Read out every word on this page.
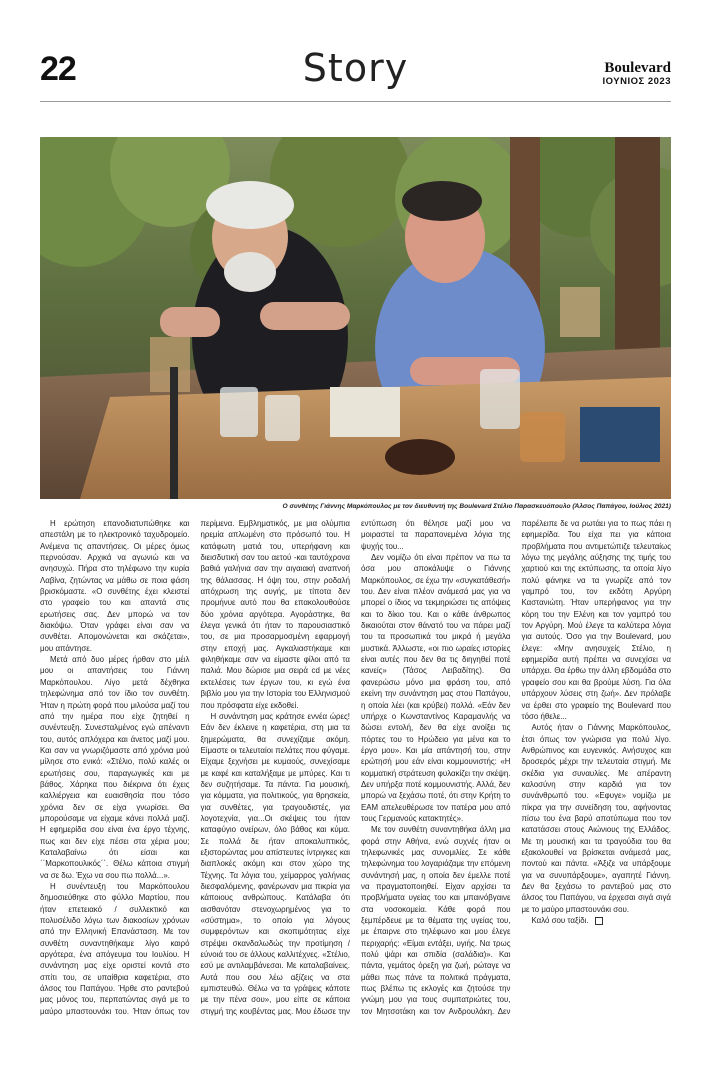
22	Story	Boulevard
ΙΟΥΝΙΟΣ 2023
Ο συνθέτης Γιάννης Μαρκόπουλος με τον διευθυντή της Boulevard Στέλιο Παρασκευόπουλο (Άλσος Παπάγου, Ιούλιος 2021)

Η ερώτηση επανοδιατυπώθηκε και απεστάλη με το ηλεκτρονικό ταχυδρομείο. Ανέμενα τις απαντήσεις. Οι μέρες όμως περνούσαν. Αρχικά να αγωνιώ και να ανησυχώ. Πήρα στο τηλέφωνο την κυρία Λαβίνα, ζητώντας να μάθω σε ποια φάση βρισκόμαστε. «Ο συνθέτης έχει κλειστεί στο γραφείο του και απαντά στις ερωτήσεις σας. Δεν μπορώ να τον διακόψω. Όταν γράφει είναι σαν να συνθέτει. Απομονώνεται και σκάζεται», μου απάντησε.

Μετά από δυο μέρες ήρθαν στο μέιλ μου οι απαντήσεις του Γιάννη Μαρκόπουλου. Λίγο μετά δέχθηκα τηλεφώνημα από τον ίδιο τον συνθέτη. Ήταν η πρώτη φορά που μιλούσα μαζί του από την ημέρα που είχε ζητηθεί η συνέντευξη. Συνεσταλμένος εγώ απέναντι του, αυτός απλόχερα και άνετος μαζί μου. Και σαν να γνωριζόμαστε από χρόνια μού μίλησε στο ενικό: «Στέλιο, πολύ καλές οι ερωτήσεις σου, παραγωγικές και με βάθος. Χάρηκα που διέκρινα ότι έχεις καλλιέργεια και ευαισθησία που τόσο χρόνια δεν σε είχα γνωρίσει. Θα μπορούσαμε να είχαμε κάνει πολλά μαζί. Η εφημερίδα σου είναι ένα έργο τέχνης, πως και δεν είχε πέσει στα χέρια μου; Καταλαβαίνω ότι είσαι και ΄΄Μαρκοπουλικός΄΄. Θέλω κάποια στιγμή να σε δω. Έχω να σου πω πολλά...».

Η συνέντευξη του Μαρκόπουλου δημοσιεύθηκε στο φύλλο Μαρτίου, που ήταν επετειακό / συλλεκτικό και πολυσέλιδο λόγω των διακοσίων χρόνων από την Ελληνική Επανάσταση. Με τον συνθέτη συναντηθήκαμε λίγο καιρό αργότερα, ένα απόγευμα του Ιουλίου. Η συνάντηση μας είχε οριστεί κοντά στο σπίτι του, σε υπαίθρια καφετέρια, στο άλσος του Παπάγου. Ήρθε στο ραντεβού μας μόνος του, περπατώντας σιγά με το μαύρο μπαστουνάκι του. Ήταν όπως τον περίμενα. Εμβληματικός, με μια ολύμπια ηρεμία απλωμένη στο πρόσωπό του. Η κατάφωτη ματιά του, υπερήφανη και διεισδυτική σαν του αετού -και ταυτόχρονα βαθιά γαλήνια σαν την αιγαιακή αναπνοή της θάλασσας. Η όψη του, στην ροδαλή απόχρωση της αυγής, με τίποτα δεν προμήνυε αυτό που θα επακολουθούσε δύο χρόνια αργότερα. Αγοράστηκε, θα έλεγα γενικά ότι ήταν το παρουσιαστικό του, σε μια προσαρμοσμένη εφαρμογή στην εποχή μας. Αγκαλιαστήκαμε και φιληθήκαμε σαν να είμαστε φίλοι από τα παλιά. Μου δώρισε μια σειρά cd με νέες εκτελέσεις των έργων του, κι εγώ ένα βιβλίο μου για την Ιστορία του Ελληνισμού που πρόσφατα είχε εκδοθεί.

Η συνάντηση μας κράτησε εννέα ώρες! Εάν δεν έκλεινε η καφετέρια, στη μια τα ξημερώματα, θα συνεχίζαμε ακόμη. Είμαστε οι τελευταίοι πελάτες που φύγαμε. Είχαμε ξεχνήσει με κυμαούς, συνεχίσαμε με καφέ και καταλήξαμε με μπύρες. Και τι δεν συζητήσαμε. Τα πάντα. Για μουσική, για κόμματα, για πολιτικούς, για θρησκεία, για συνθέτες, για τραγουδιστές, για λογοτεχνία, για...Οι σκέψεις του ήταν καταφύγιο ονείρων, όλο βάθος και κύμα. Σε πολλά δε ήταν αποκαλυπτικός, εξιστορώντας μου απίστευτες ίντριγκες και διαπλοκές ακόμη και στον χώρο της Τέχνης. Τα λόγια του, χείμαρρος γαλήνιας διεσφαλόμενης, φανέρωναν μια πικρία για κάποιους ανθρώπους. Κατάλαβα ότι αισθανόταν στενοχωρημένος για το «σύστημα», το οποίο για λόγους συμφερόντων και σκοπιμότητας είχε στρέψει σκανδαλωδώς την προτίμηση / εύνοιά του σε άλλους καλλιτέχνες. «Στέλιο, εσύ με αντιλαμβάνεσαι. Με καταλαβαίνεις. Αυτά που σου λέω αξίζεις να στα εμπιστευθώ. Θέλω να τα γράψεις κάποτε με την πένα σου», μου είπε σε κάποια στιγμή της κουβέντας μας. Μου έδωσε την εντύπωση ότι θέλησε μαζί μου να μοιραστεί τα παραπονεμένα λόγια της ψυχής του...

Δεν νομίζω ότι είναι πρέπον να πω τα όσα μου αποκάλυψε ο Γιάννης Μαρκόπουλος, σε έχω την «συγκατάθεσή» του. Δεν είναι πλέον ανάμεσά μας για να μπορεί ο ίδιος να τεκμηριώσει τις απόψεις και το δίκιο του. Και ο κάθε άνθρωπος δικαιούται στον θάνατό του να πάρει μαζί του τα προσωπικά του μικρά ή μεγάλα μυστικά. Άλλωστε, «οι πιο ωραίες ιστορίες είναι αυτές που δεν θα τις διηγηθεί ποτέ κανείς» (Τάσος Λειβαδίτης). Θα φανερώσω μόνο μια φράση του, από εκείνη την συνάντηση μας στου Παπάγου, η οποία λέει (και κρύβει) πολλά. «Εάν δεν υπήρχε ο Κωνσταντίνος Καραμανλής να δώσει εντολή, δεν θα είχε ανοίξει τις πόρτες του το Ηρώδειο για μένα και το έργο μου». Και μία απάντησή του, στην ερώτησή μου εάν είναι κομμουνιστής: «Η κομματική στράτευση φυλακίζει την σκέψη. Δεν υπήρξα ποτέ κομμουνιστής. Αλλά, δεν μπορώ να ξεχάσω ποτέ, ότι στην Κρήτη το ΕΑΜ απελευθέρωσε τον πατέρα μου από τους Γερμανούς κατακτητές».

Με τον συνθέτη συναντηθήκα άλλη μια φορά στην Αθήνα, ενώ συχνές ήταν οι τηλεφωνικές μας συνομιλίες. Σε κάθε τηλεφώνημα του λογαριάζαμε την επόμενη συνάντησή μας, η οποία δεν έμελλε ποτέ να πραγματοποιηθεί. Είχαν αρχίσει τα προβλήματα υγείας του και μπαινόβγαινε στα νοσοκομεία. Κάθε φορά που ξεμπέρδευε με τα θέματα της υγείας του, με έπαιρνε στο τηλέφωνο και μου έλεγε περιχαρής: «Είμαι εντάξει, υγιής. Να τρως πολύ ψάρι και σπιδία (σαλάδια)». Και πάντα, γεμάτος όρεξη για ζωή, ρώταγε να μάθει πως πάνε τα πολιτικά πράγματα, πως βλέπω τις εκλογές και ζητούσε την γνώμη μου για τους συμπατριώτες του, τον Μητσοτάκη και τον Ανδρουλάκη. Δεν παρέλειπε δε να ρωτάει για το πως πάει η εφημερίδα. Του είχα πει για κάποια προβλήματα που αντιμετώπιζε τελευταίως λόγω της μεγάλης αύξησης της τιμής του χαρτιού και της εκτύπωσης, τα οποία λίγο πολύ φάνηκε να τα γνωρίζε από τον γαμπρό του, τον εκδότη Αργύρη Καστανιώτη. Ήταν υπερήφανος για την κόρη του την Ελένη και τον γαμπρό του τον Αργύρη. Μού έλεγε τα καλύτερα λόγια για αυτούς. Όσο για την Boulevard, μου έλεγε: «Μην ανησυχείς Στέλιο, η εφημερίδα αυτή πρέπει να συνεχίσει να υπάρχει. Θα έρθω την άλλη εβδομάδα στο γραφείο σου και θα βρούμε λύση. Για όλα υπάρχουν λύσεις στη ζωή». Δεν πρόλαβε να έρθει στο γραφείο της Boulevard που τόσο ήθελε...

Αυτός ήταν ο Γιάννης Μαρκόπουλος, έτσι όπως τον γνώρισα για πολύ λίγο. Ανθρώπινος και ευγενικός. Ανήσυχος και δροσερός μέχρι την τελευταία στιγμή. Με σκέδια για συναυλίες. Με απέραντη καλοσύνη στην καρδιά για τον συνάνθρωπό του. «Εφυγε» νομίζω με πίκρα για την συνείδηση του, αφήνοντας πίσω του ένα βαρύ αποτύπωμα που τον κατατάσσει στους Αιώνιους της Ελλάδος. Με τη μουσική και τα τραγούδια του θα εξακολουθεί να βρίσκεται ανάμεσά μας, ποντού και πάντα. «Άξιζε να υπάρξουμε για να συνυπάρξουμε», αγαπητέ Γιάννη. Δεν θα ξεχάσω το ραντεβού μας στο άλσος του Παπάγου, να έρχεσαι σιγά σιγά με το μαύρο μπαστουνάκι σου.

Καλό σου ταξίδι.
